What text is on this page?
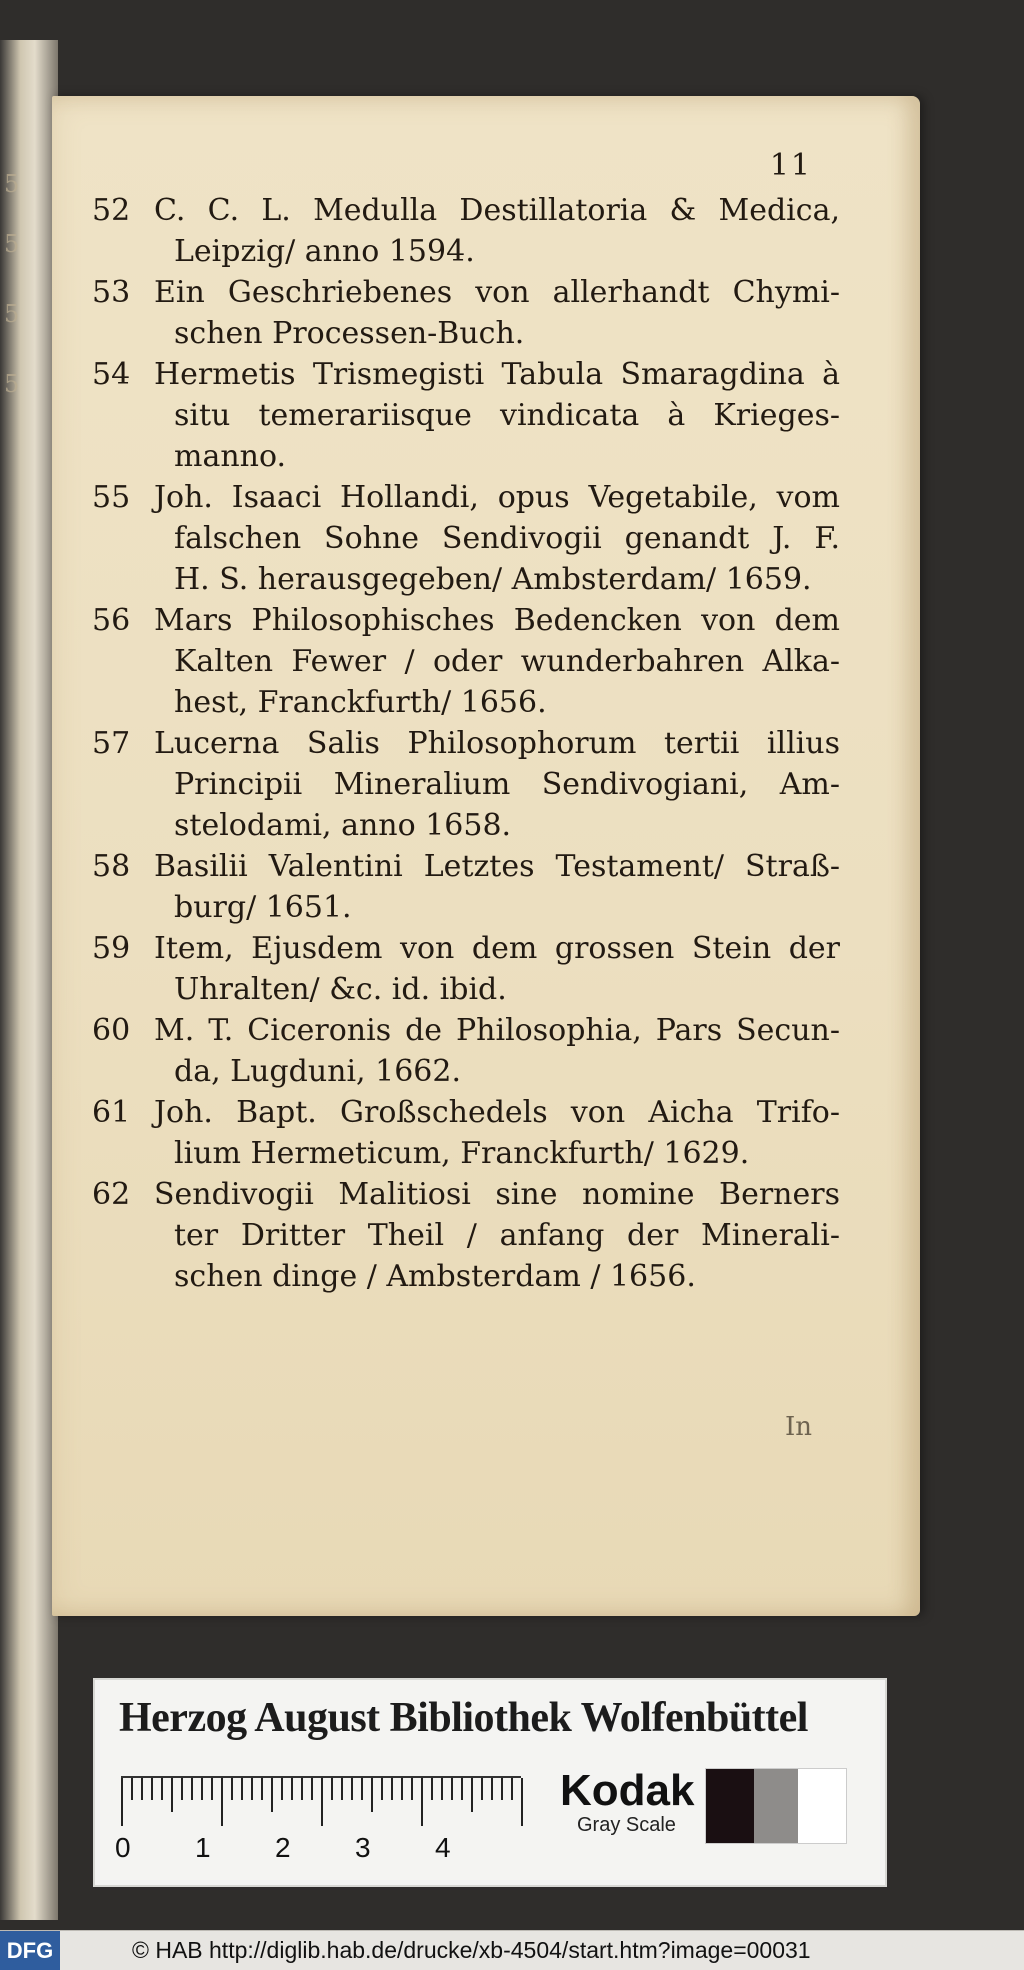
5
5
5
5
11
52 C. C. L. Medulla Destillatoria & Medica,
Leipzig/ anno 1594.
53 Ein Geschriebenes von allerhandt Chymi-
schen Processen-Buch.
54 Hermetis Trismegisti Tabula Smaragdina à
situ temerariisque vindicata à Krieges-
manno.
55 Joh. Isaaci Hollandi, opus Vegetabile, vom
falschen Sohne Sendivogii genandt J. F.
H. S. herausgegeben/ Ambsterdam/ 1659.
56 Mars Philosophisches Bedencken von dem
Kalten Fewer / oder wunderbahren Alka-
hest, Franckfurth/ 1656.
57 Lucerna Salis Philosophorum tertii illius
Principii Mineralium Sendivogiani, Am-
stelodami, anno 1658.
58 Basilii Valentini Letztes Testament/ Straß-
burg/ 1651.
59 Item, Ejusdem von dem grossen Stein der
Uhralten/ &c. id. ibid.
60 M. T. Ciceronis de Philosophia, Pars Secun-
da, Lugduni, 1662.
61 Joh. Bapt. Großschedels von Aicha Trifo-
lium Hermeticum, Franckfurth/ 1629.
62 Sendivogii Malitiosi sine nomine Berners
ter Dritter Theil / anfang der Minerali-
schen dinge / Ambsterdam / 1656.
In
Herzog August Bibliothek Wolfenbüttel
0 1 2 3 4
Kodak
Gray Scale
DFG	© HAB http://diglib.hab.de/drucke/xb-4504/start.htm?image=00031
